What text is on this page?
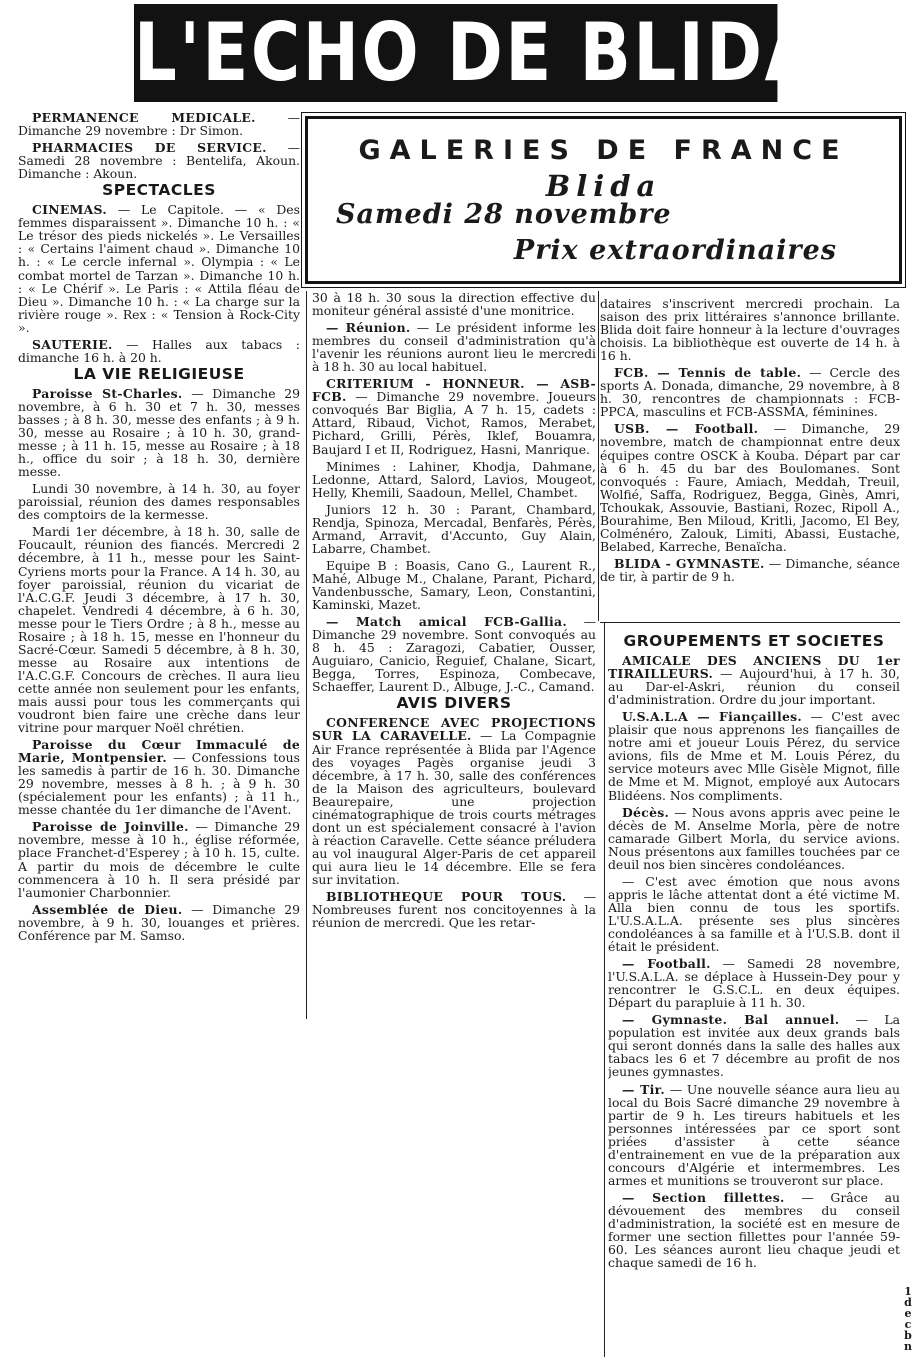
L'ECHO DE BLIDA
GALERIES DE FRANCE
Blida
Samedi 28 novembre
Prix extraordinaires

PERMANENCE MEDICALE. — Dimanche 29 novembre : Dr Simon.

PHARMACIES DE SERVICE. — Samedi 28 novembre : Bentelifa, Akoun. Dimanche : Akoun.

SPECTACLES

CINEMAS. — Le Capitole. — « Des femmes disparaissent ». Dimanche 10 h. : « Le trésor des pieds nickelés ». Le Versailles : « Certains l'aiment chaud ». Dimanche 10 h. : « Le cercle infernal ». Olympia : « Le combat mortel de Tarzan ». Dimanche 10 h. : « Le Chérif ». Le Paris : « Attila fléau de Dieu ». Dimanche 10 h. : « La charge sur la rivière rouge ». Rex : « Tension à Rock-City ».

SAUTERIE. — Halles aux tabacs : dimanche 16 h. à 20 h.

LA VIE RELIGIEUSE

Paroisse St-Charles. — Dimanche 29 novembre, à 6 h. 30 et 7 h. 30, messes basses ; à 8 h. 30, messe des enfants ; à 9 h. 30, messe au Rosaire ; à 10 h. 30, grand-messe ; à 11 h. 15, messe au Rosaire ; à 18 h., office du soir ; à 18 h. 30, dernière messe.

Lundi 30 novembre, à 14 h. 30, au foyer paroissial, réunion des dames responsables des comptoirs de la kermesse.

Mardi 1er décembre, à 18 h. 30, salle de Foucault, réunion des fiancés. Mercredi 2 décembre, à 11 h., messe pour les Saint-Cyriens morts pour la France. A 14 h. 30, au foyer paroissial, réunion du vicariat de l'A.C.G.F. Jeudi 3 décembre, à 17 h. 30, chapelet. Vendredi 4 décembre, à 6 h. 30, messe pour le Tiers Ordre ; à 8 h., messe au Rosaire ; à 18 h. 15, messe en l'honneur du Sacré-Cœur. Samedi 5 décembre, à 8 h. 30, messe au Rosaire aux intentions de l'A.C.G.F. Concours de crèches. Il aura lieu cette année non seulement pour les enfants, mais aussi pour tous les commerçants qui voudront bien faire une crèche dans leur vitrine pour marquer Noël chrétien.

Paroisse du Cœur Immaculé de Marie, Montpensier. — Confessions tous les samedis à partir de 16 h. 30. Dimanche 29 novembre, messes à 8 h. ; à 9 h. 30 (spécialement pour les enfants) ; à 11 h., messe chantée du 1er dimanche de l'Avent.

Paroisse de Joinville. — Dimanche 29 novembre, messe à 10 h., église réformée, place Franchet-d'Esperey ; à 10 h. 15, culte. A partir du mois de décembre le culte commencera à 10 h. Il sera présidé par l'aumonier Charbonnier.

Assemblée de Dieu. — Dimanche 29 novembre, à 9 h. 30, louanges et prières. Conférence par M. Samso.

30 à 18 h. 30 sous la direction effective du moniteur général assisté d'une monitrice.

— Réunion. — Le président informe les membres du conseil d'administration qu'à l'avenir les réunions auront lieu le mercredi à 18 h. 30 au local habituel.

CRITERIUM - HONNEUR. — ASB-FCB. — Dimanche 29 novembre. Joueurs convoqués Bar Biglia, A 7 h. 15, cadets : Attard, Ribaud, Vichot, Ramos, Merabet, Pichard, Grilli, Pérès, Iklef, Bouamra, Baujard I et II, Rodriguez, Hasni, Manrique.

Minimes : Lahiner, Khodja, Dahmane, Ledonne, Attard, Salord, Lavios, Mougeot, Helly, Khemili, Saadoun, Mellel, Chambet.

Juniors 12 h. 30 : Parant, Chambard, Rendja, Spinoza, Mercadal, Benfarès, Pérès, Armand, Arravit, d'Accunto, Guy Alain, Labarre, Chambet.

Equipe B : Boasis, Cano G., Laurent R., Mahé, Albuge M., Chalane, Parant, Pichard, Vandenbussche, Samary, Leon, Constantini, Kaminski, Mazet.

— Match amical FCB-Gallia. — Dimanche 29 novembre. Sont convoqués au 8 h. 45 : Zaragozi, Cabatier, Ousser, Auguiaro, Canicio, Reguief, Chalane, Sicart, Begga, Torres, Espinoza, Combecave, Schaeffer, Laurent D., Albuge, J.-C., Camand.

AVIS DIVERS

CONFERENCE AVEC PROJECTIONS SUR LA CARAVELLE. — La Compagnie Air France représentée à Blida par l'Agence des voyages Pagès organise jeudi 3 décembre, à 17 h. 30, salle des conférences de la Maison des agriculteurs, boulevard Beaurepaire, une projection cinématographique de trois courts métrages dont un est spécialement consacré à l'avion à réaction Caravelle. Cette séance préludera au vol inaugural Alger-Paris de cet appareil qui aura lieu le 14 décembre. Elle se fera sur invitation.

BIBLIOTHEQUE POUR TOUS. — Nombreuses furent nos concitoyennes à la réunion de mercredi. Que les retar-

dataires s'inscrivent mercredi prochain. La saison des prix littéraires s'annonce brillante. Blida doit faire honneur à la lecture d'ouvrages choisis. La bibliothèque est ouverte de 14 h. à 16 h.

FCB. — Tennis de table. — Cercle des sports A. Donada, dimanche, 29 novembre, à 8 h. 30, rencontres de championnats : FCB-PPCA, masculins et FCB-ASSMA, féminines.

USB. — Football. — Dimanche, 29 novembre, match de championnat entre deux équipes contre OSCK à Kouba. Départ par car à 6 h. 45 du bar des Boulomanes. Sont convoqués : Faure, Amiach, Meddah, Treuil, Wolfié, Saffa, Rodriguez, Begga, Ginès, Amri, Tchoukak, Assouvie, Bastiani, Rozec, Ripoll A., Bourahime, Ben Miloud, Kritli, Jacomo, El Bey, Colménéro, Zalouk, Limiti, Abassi, Eustache, Belabed, Karreche, Benaïcha.

BLIDA - GYMNASTE. — Dimanche, séance de tir, à partir de 9 h.

GROUPEMENTS ET SOCIETES

AMICALE DES ANCIENS DU 1er TIRAILLEURS. — Aujourd'hui, à 17 h. 30, au Dar-el-Askri, réunion du conseil d'administration. Ordre du jour important.

U.S.A.L.A — Fiançailles. — C'est avec plaisir que nous apprenons les fiançailles de notre ami et joueur Louis Pérez, du service avions, fils de Mme et M. Louis Pérez, du service moteurs avec Mlle Gisèle Mignot, fille de Mme et M. Mignot, employé aux Autocars Blidéens. Nos compliments.

Décès. — Nous avons appris avec peine le décès de M. Anselme Morla, père de notre camarade Gilbert Morla, du service avions. Nous présentons aux familles touchées par ce deuil nos bien sincères condoléances.

— C'est avec émotion que nous avons appris le lâche attentat dont a été victime M. Alla bien connu de tous les sportifs. L'U.S.A.L.A. présente ses plus sincères condoléances à sa famille et à l'U.S.B. dont il était le président.

— Football. — Samedi 28 novembre, l'U.S.A.L.A. se déplace à Hussein-Dey pour y rencontrer le G.S.C.L. en deux équipes. Départ du parapluie à 11 h. 30.

— Gymnaste. Bal annuel. — La population est invitée aux deux grands bals qui seront donnés dans la salle des halles aux tabacs les 6 et 7 décembre au profit de nos jeunes gymnastes.

— Tir. — Une nouvelle séance aura lieu au local du Bois Sacré dimanche 29 novembre à partir de 9 h. Les tireurs habituels et les personnes intéressées par ce sport sont priées d'assister à cette séance d'entrainement en vue de la préparation aux concours d'Algérie et intermembres. Les armes et munitions se trouveront sur place.

— Section fillettes. — Grâce au dévouement des membres du conseil d'administration, la société est en mesure de former une section fillettes pour l'année 59-60. Les séances auront lieu chaque jeudi et chaque samedi de 16 h.

1
d
e
c
b
n
